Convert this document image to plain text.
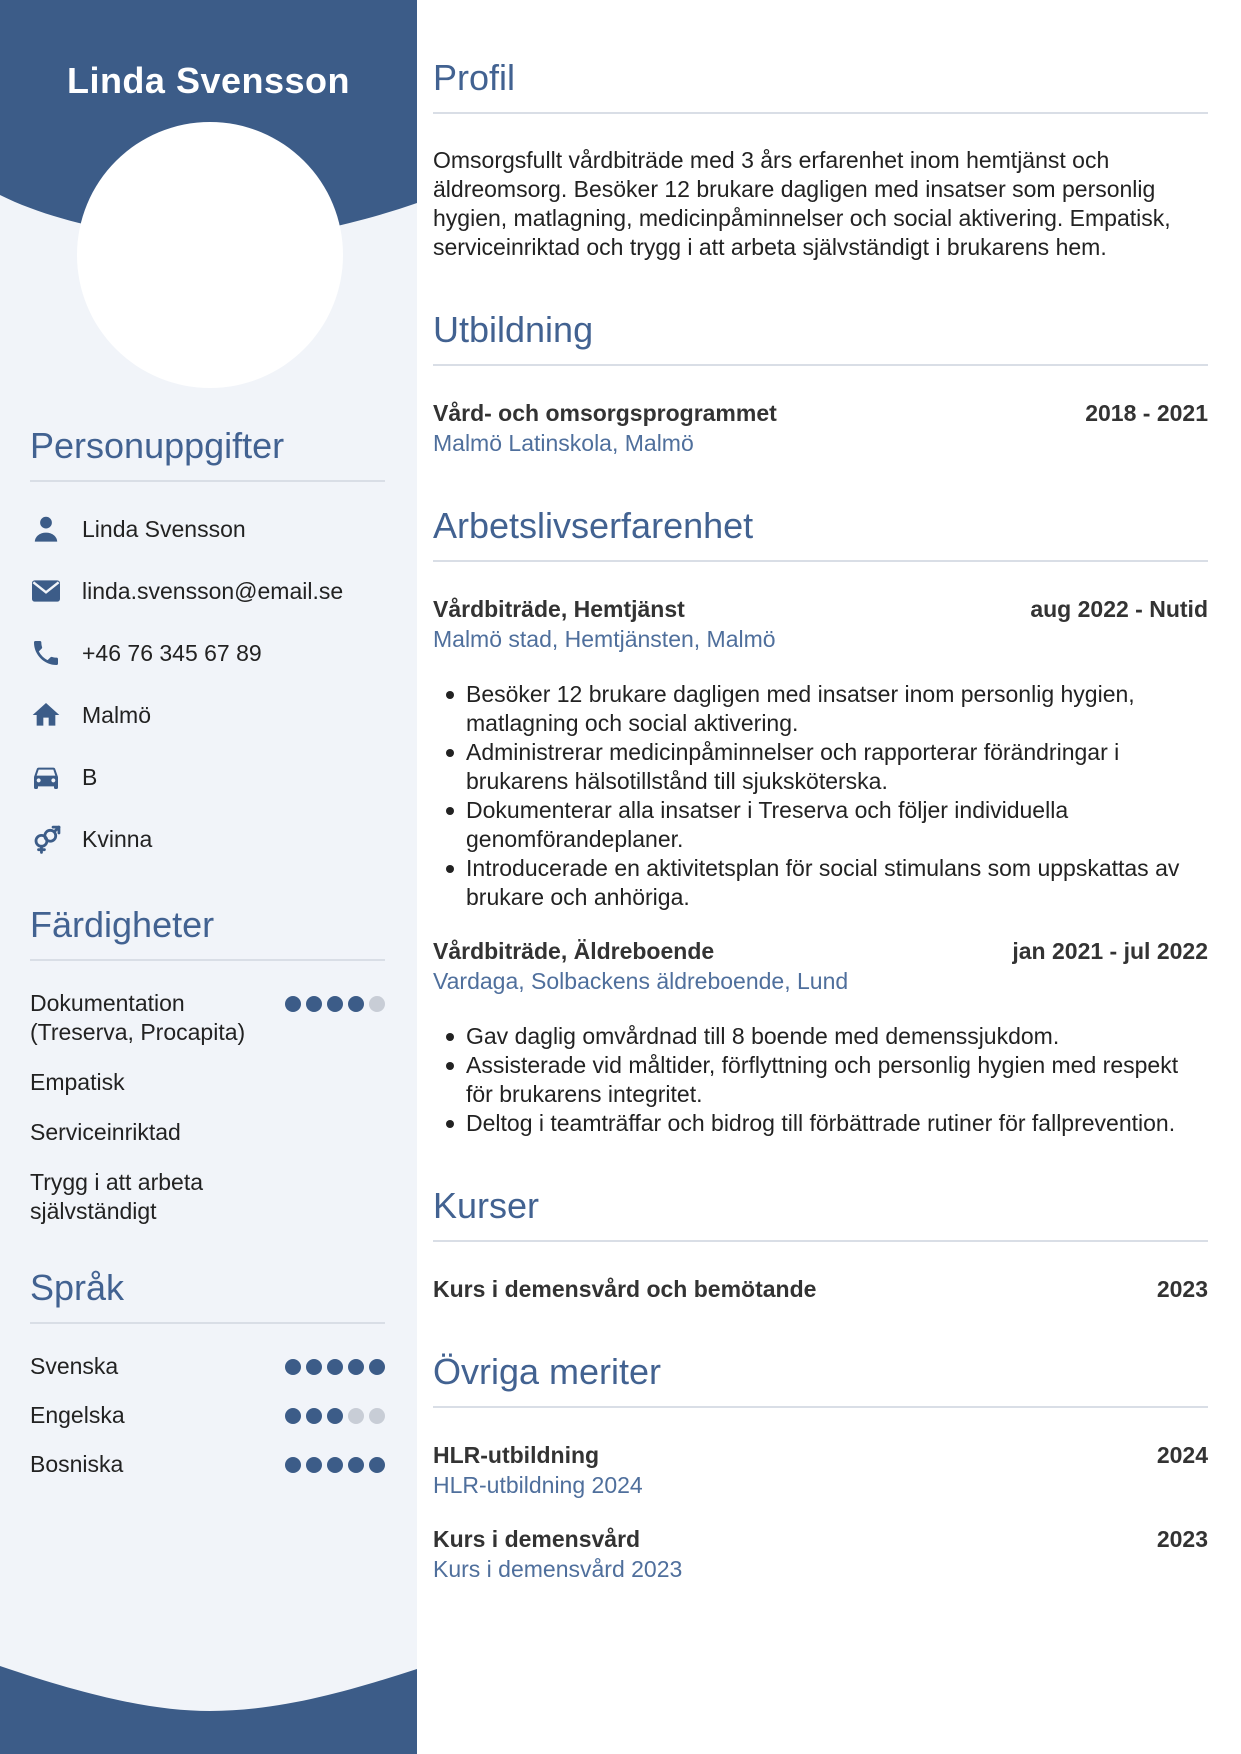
Linda Svensson
Personuppgifter
Linda Svensson
linda.svensson@email.se
+46 76 345 67 89
Malmö
B
Kvinna
Färdigheter
Dokumentation (Treserva, Procapita)
Empatisk
Serviceinriktad
Trygg i att arbeta självständigt
Språk
Svenska
Engelska
Bosniska
Profil

Omsorgsfullt vårdbiträde med 3 års erfarenhet inom hemtjänst och äldreomsorg. Besöker 12 brukare dagligen med insatser som personlig hygien, matlagning, medicinpåminnelser och social aktivering. Empatisk, serviceinriktad och trygg i att arbeta självständigt i brukarens hem.

Utbildning
Vård- och omsorgsprogrammet	2018 - 2021
Malmö Latinskola, Malmö
Arbetslivserfarenhet
Vårdbiträde, Hemtjänst	aug 2022 - Nutid
Malmö stad, Hemtjänsten, Malmö
Besöker 12 brukare dagligen med insatser inom personlig hygien, matlagning och social aktivering.
Administrerar medicinpåminnelser och rapporterar förändringar i brukarens hälsotillstånd till sjuksköterska.
Dokumenterar alla insatser i Treserva och följer individuella genomförandeplaner.
Introducerade en aktivitetsplan för social stimulans som uppskattas av brukare och anhöriga.
Vårdbiträde, Äldreboende	jan 2021 - jul 2022
Vardaga, Solbackens äldreboende, Lund
Gav daglig omvårdnad till 8 boende med demenssjukdom.
Assisterade vid måltider, förflyttning och personlig hygien med respekt för brukarens integritet.
Deltog i teamträffar och bidrog till förbättrade rutiner för fallprevention.
Kurser
Kurs i demensvård och bemötande	2023
Övriga meriter
HLR-utbildning	2024
HLR-utbildning 2024
Kurs i demensvård	2023
Kurs i demensvård 2023
